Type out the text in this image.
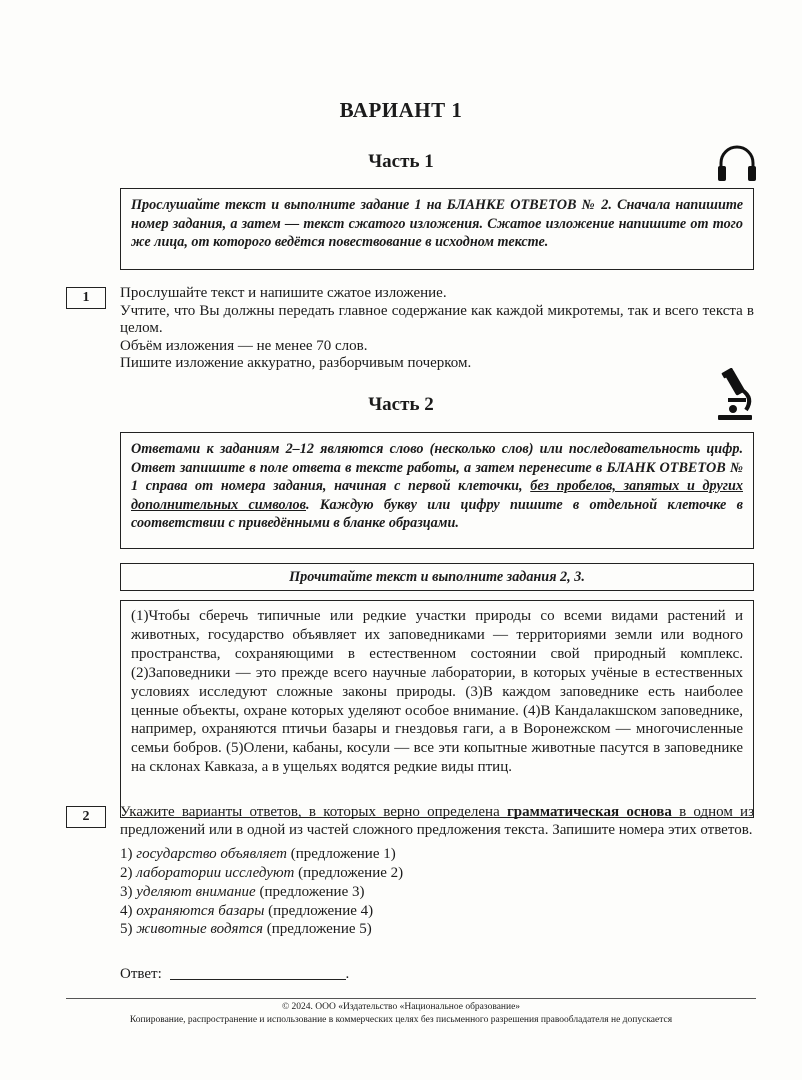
ВАРИАНТ 1
Часть 1
Прослушайте текст и выполните задание 1 на БЛАНКЕ ОТВЕТОВ № 2. Сначала напишите номер задания, а затем — текст сжатого изложения. Сжатое изложение напишите от того же лица, от которого ведётся повествование в исходном тексте.
1	Прослушайте текст и напишите сжатое изложение.

Учтите, что Вы должны передать главное содержание как каждой микротемы, так и всего текста в целом.

Объём изложения — не менее 70 слов.

Пишите изложение аккуратно, разборчивым почерком.

Часть 2
Ответами к заданиям 2–12 являются слово (несколько слов) или последовательность цифр. Ответ запишите в поле ответа в тексте работы, а затем перенесите в БЛАНК ОТВЕТОВ № 1 справа от номера задания, начиная с первой клеточки, без пробелов, запятых и других дополнительных символов. Каждую букву или цифру пишите в отдельной клеточке в соответствии с приведёнными в бланке образцами.
Прочитайте текст и выполните задания 2, 3.
(1)Чтобы сберечь типичные или редкие участки природы со всеми видами растений и животных, государство объявляет их заповедниками — территориями земли или водного пространства, сохраняющими в естественном состоянии свой природный комплекс. (2)Заповедники — это прежде всего научные лаборатории, в которых учёные в естественных условиях исследуют сложные законы природы. (3)В каждом заповеднике есть наиболее ценные объекты, охране которых уделяют особое внимание. (4)В Кандалакшском заповеднике, например, охраняются птичьи базары и гнездовья гаги, а в Воронежском — многочисленные семьи бобров. (5)Олени, кабаны, косули — все эти копытные животные пасутся в заповеднике на склонах Кавказа, а в ущельях водятся редкие виды птиц.
2	Укажите варианты ответов, в которых верно определена грамматическая основа в одном из предложений или в одной из частей сложного предложения текста. Запишите номера этих ответов.

1) государство объявляет (предложение 1)

2) лаборатории исследуют (предложение 2)

3) уделяют внимание (предложение 3)

4) охраняются базары (предложение 4)

5) животные водятся (предложение 5)

Ответ:	.
© 2024. ООО «Издательство «Национальное образование»
Копирование, распространение и использование в коммерческих целях без письменного разрешения правообладателя не допускается
